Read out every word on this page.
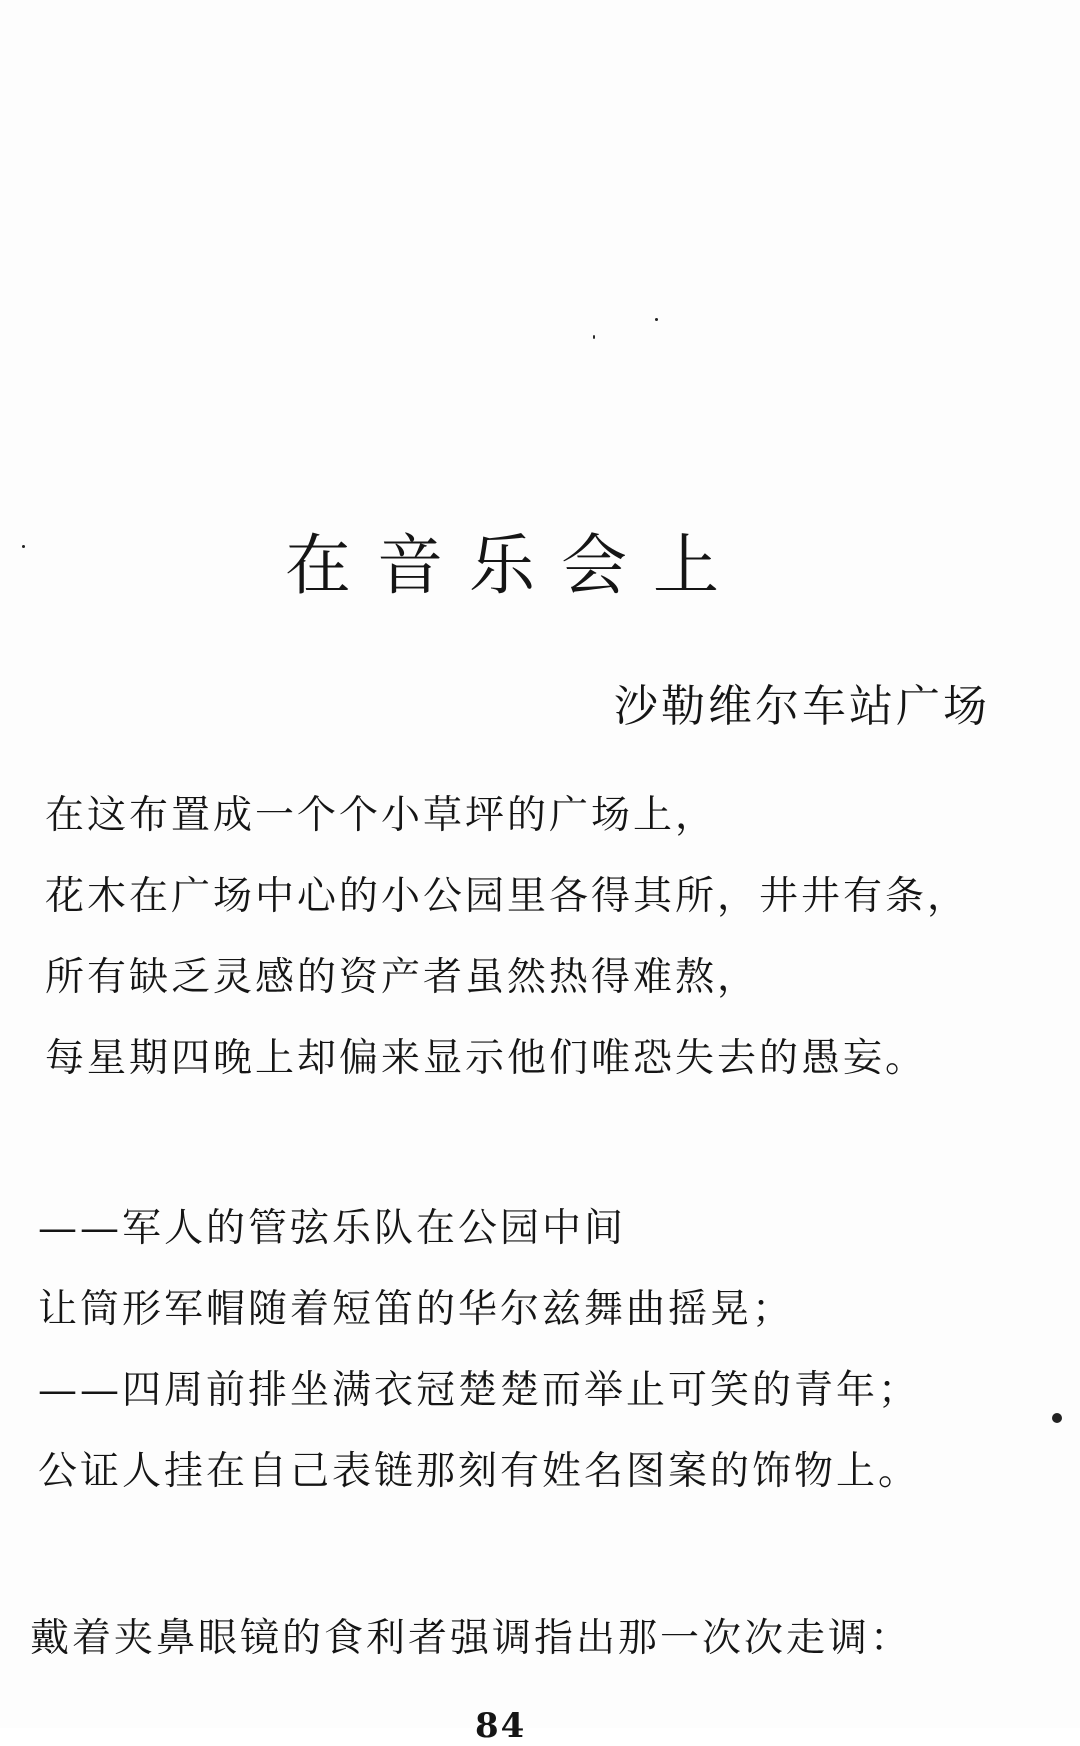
在音乐会上
沙勒维尔车站广场
在这布置成一个个小草坪的广场上，
花木在广场中心的小公园里各得其所，井井有条，
所有缺乏灵感的资产者虽然热得难熬，
每星期四晚上却偏来显示他们唯恐失去的愚妄。
——军人的管弦乐队在公园中间
让筒形军帽随着短笛的华尔兹舞曲摇晃；
——四周前排坐满衣冠楚楚而举止可笑的青年；
公证人挂在自己表链那刻有姓名图案的饰物上。
戴着夹鼻眼镜的食利者强调指出那一次次走调：
84
